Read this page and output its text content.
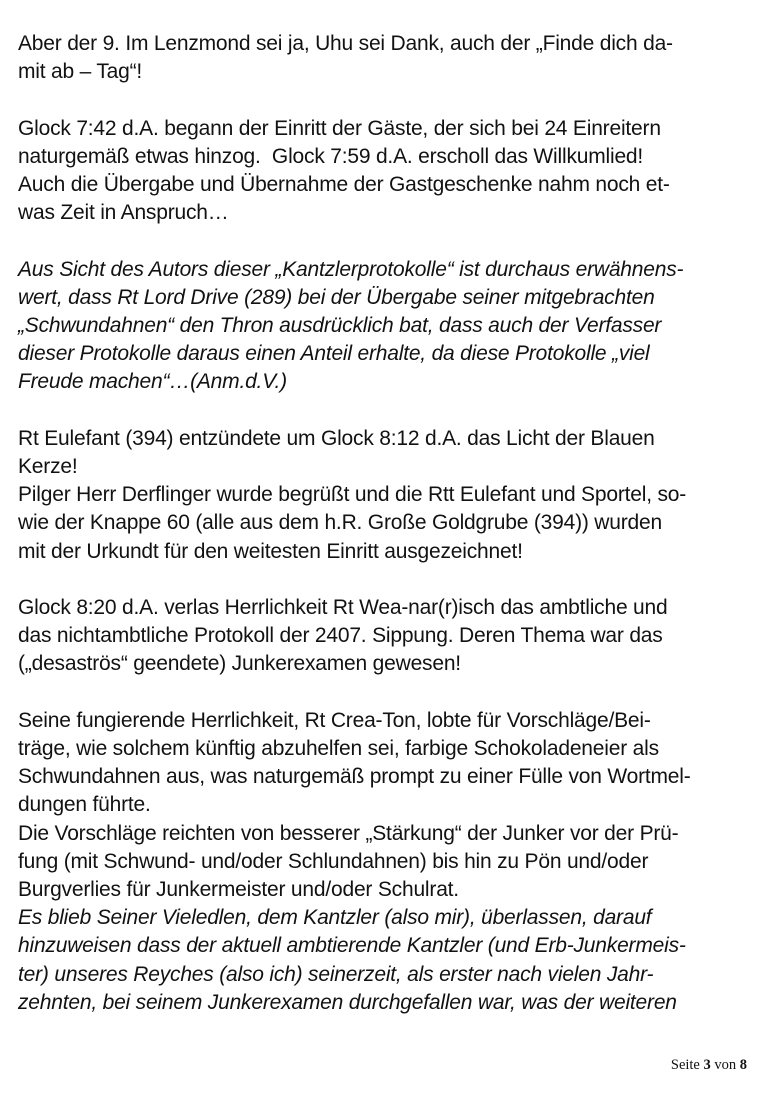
Aber der 9. Im Lenzmond sei ja, Uhu sei Dank, auch der „Finde dich da-
mit ab – Tag“!
Glock 7:42 d.A. begann der Einritt der Gäste, der sich bei 24 Einreitern
naturgemäß etwas hinzog.  Glock 7:59 d.A. erscholl das Willkumlied!
Auch die Übergabe und Übernahme der Gastgeschenke nahm noch et-
was Zeit in Anspruch…
Aus Sicht des Autors dieser „Kantzlerprotokolle“ ist durchaus erwähnens-
wert, dass Rt Lord Drive (289) bei der Übergabe seiner mitgebrachten
„Schwundahnen“ den Thron ausdrücklich bat, dass auch der Verfasser
dieser Protokolle daraus einen Anteil erhalte, da diese Protokolle „viel
Freude machen“…(Anm.d.V.)
Rt Eulefant (394) entzündete um Glock 8:12 d.A. das Licht der Blauen
Kerze!
Pilger Herr Derflinger wurde begrüßt und die Rtt Eulefant und Sportel, so-
wie der Knappe 60 (alle aus dem h.R. Große Goldgrube (394)) wurden
mit der Urkundt für den weitesten Einritt ausgezeichnet!
Glock 8:20 d.A. verlas Herrlichkeit Rt Wea-nar(r)isch das ambtliche und
das nichtambtliche Protokoll der 2407. Sippung. Deren Thema war das
(„desaströs“ geendete) Junkerexamen gewesen!
Seine fungierende Herrlichkeit, Rt Crea-Ton, lobte für Vorschläge/Bei-
träge, wie solchem künftig abzuhelfen sei, farbige Schokoladeneier als
Schwundahnen aus, was naturgemäß prompt zu einer Fülle von Wortmel-
dungen führte.
Die Vorschläge reichten von besserer „Stärkung“ der Junker vor der Prü-
fung (mit Schwund- und/oder Schlundahnen) bis hin zu Pön und/oder
Burgverlies für Junkermeister und/oder Schulrat.
Es blieb Seiner Vieledlen, dem Kantzler (also mir), überlassen, darauf
hinzuweisen dass der aktuell ambtierende Kantzler (und Erb-Junkermeis-
ter) unseres Reyches (also ich) seinerzeit, als erster nach vielen Jahr-
zehnten, bei seinem Junkerexamen durchgefallen war, was der weiteren
Seite 3 von 8
